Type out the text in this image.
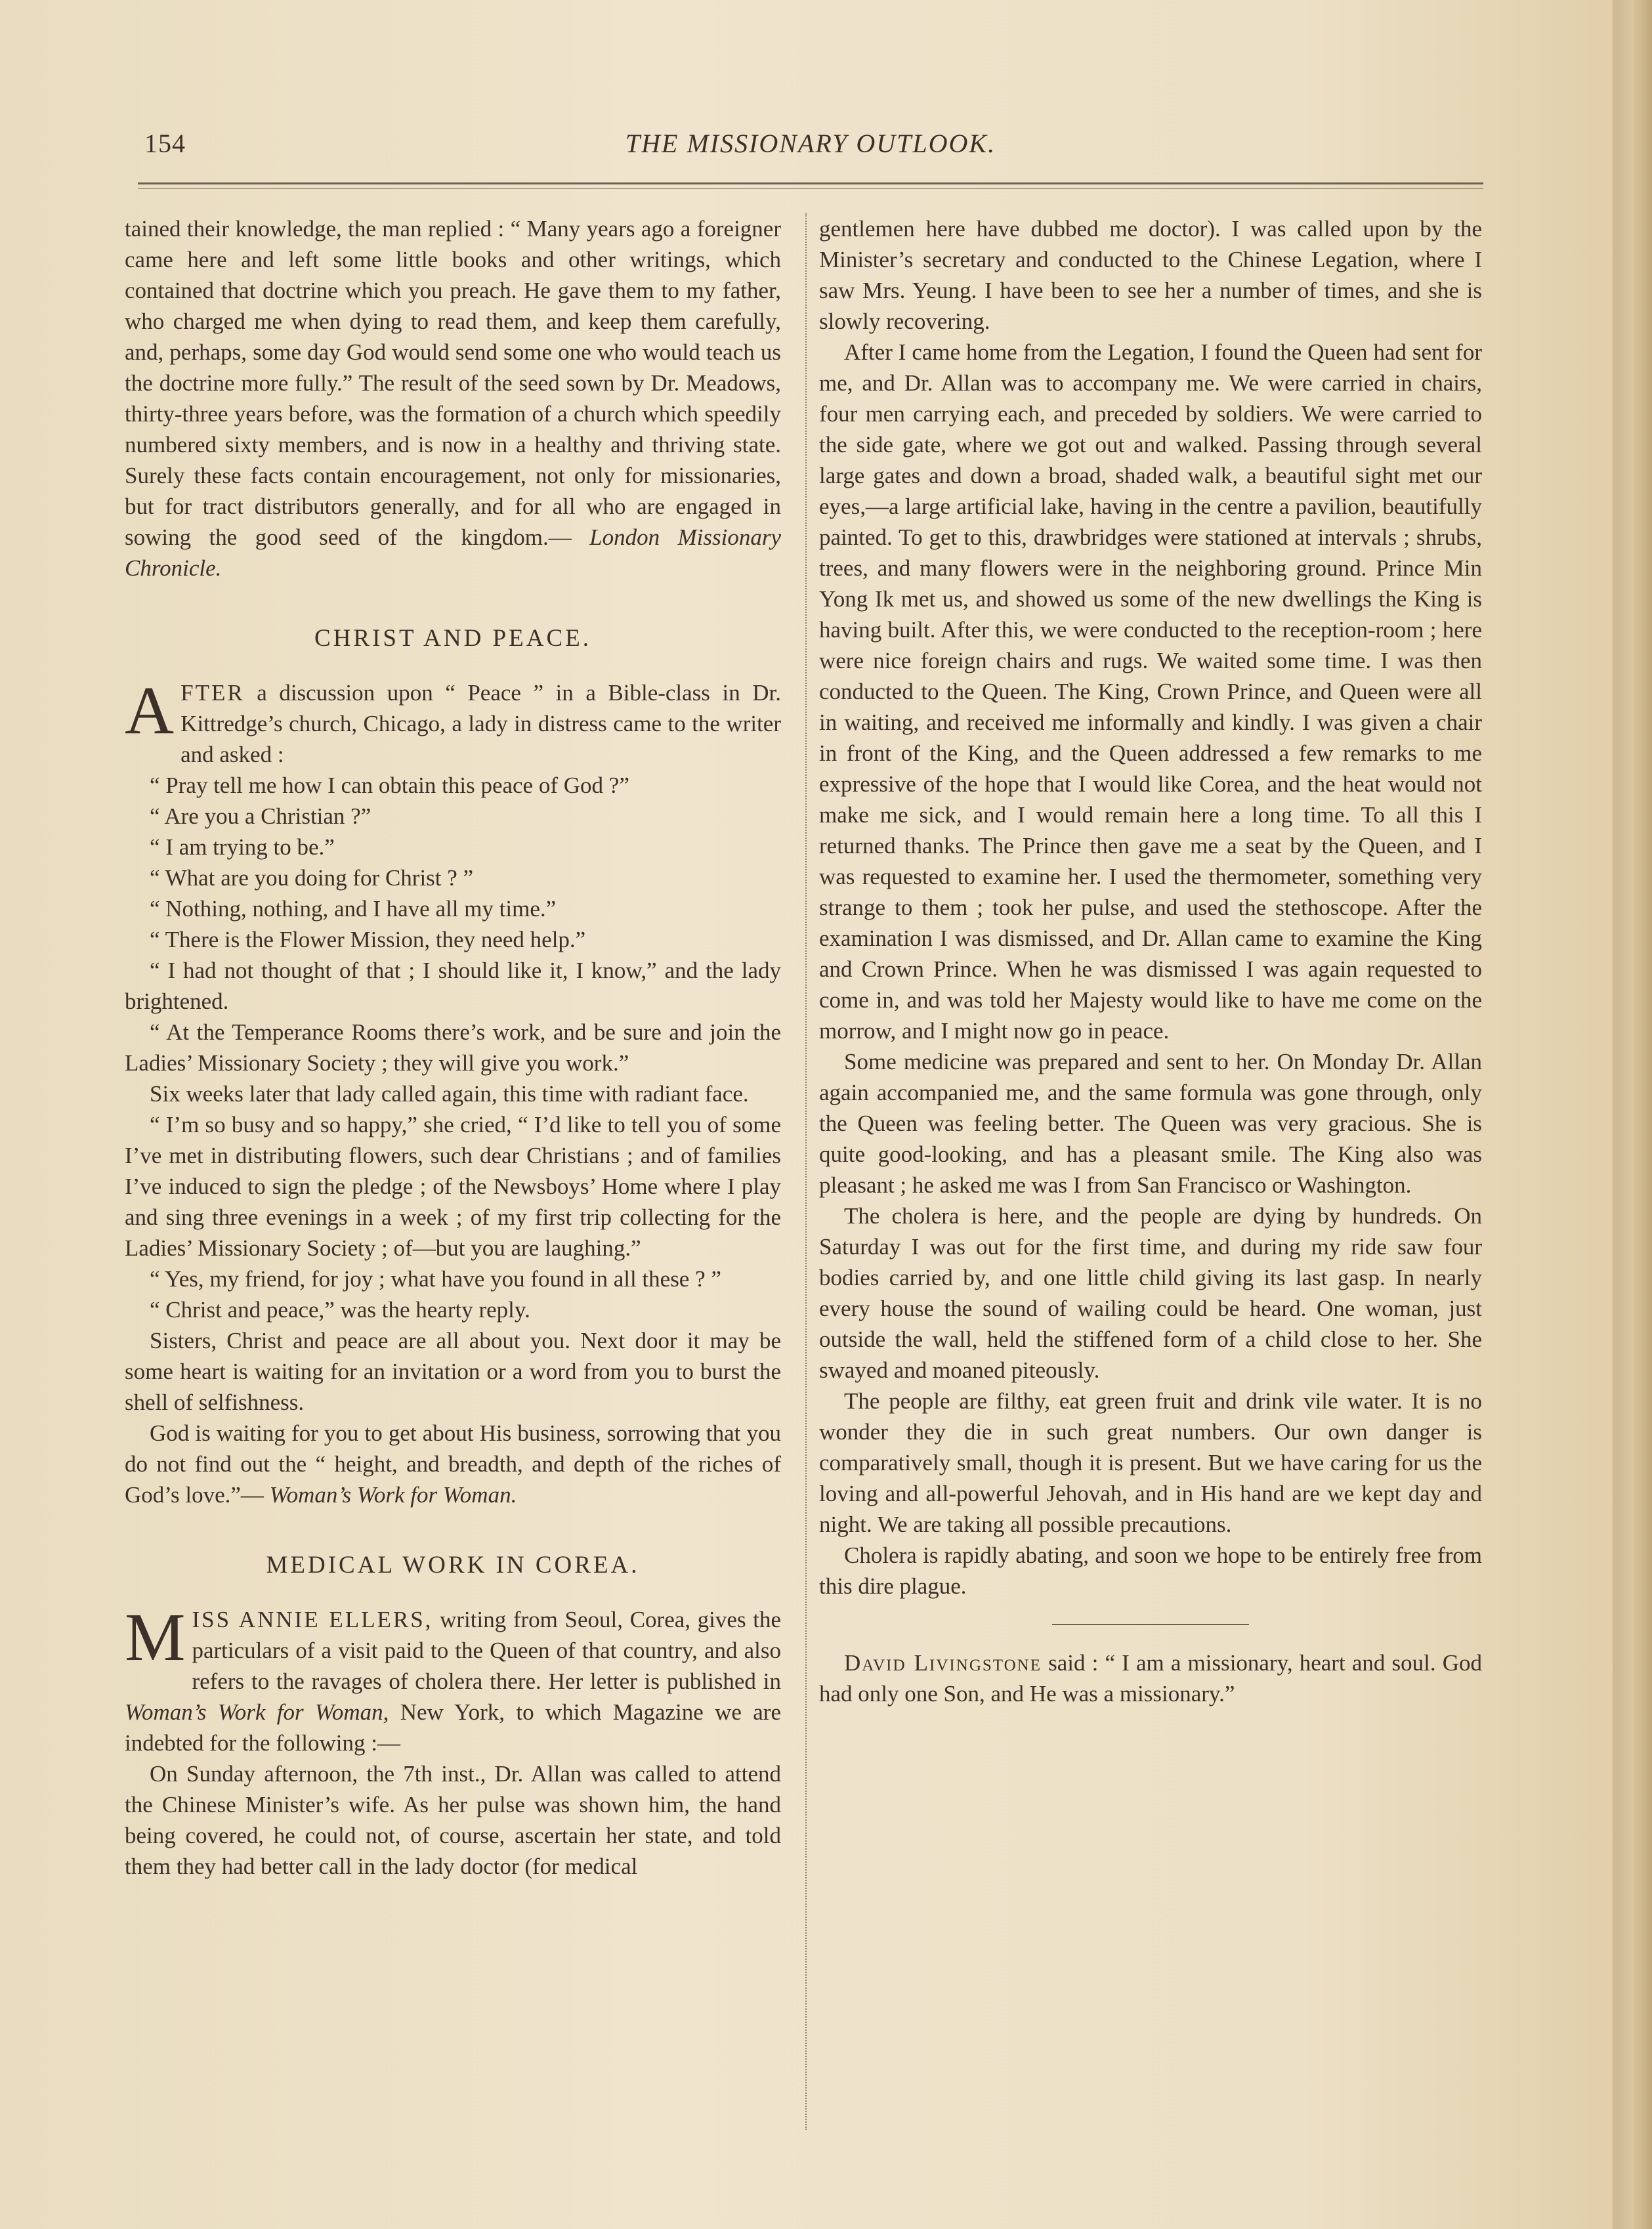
154	THE MISSIONARY OUTLOOK.

tained their knowledge, the man replied : “ Many years ago a foreigner came here and left some little books and other writings, which contained that doctrine which you preach. He gave them to my father, who charged me when dying to read them, and keep them carefully, and, perhaps, some day God would send some one who would teach us the doctrine more fully.” The result of the seed sown by Dr. Meadows, thirty-three years before, was the formation of a church which speedily numbered sixty members, and is now in a healthy and thriving state. Surely these facts contain encouragement, not only for missionaries, but for tract distributors generally, and for all who are engaged in sowing the good seed of the kingdom.— London Missionary Chronicle.

CHRIST AND PEACE.

AFTER a discussion upon “ Peace ” in a Bible-class in Dr. Kittredge’s church, Chicago, a lady in distress came to the writer and asked :

“ Pray tell me how I can obtain this peace of God ?”

“ Are you a Christian ?”

“ I am trying to be.”

“ What are you doing for Christ ? ”

“ Nothing, nothing, and I have all my time.”

“ There is the Flower Mission, they need help.”

“ I had not thought of that ; I should like it, I know,” and the lady brightened.

“ At the Temperance Rooms there’s work, and be sure and join the Ladies’ Missionary Society ; they will give you work.”

Six weeks later that lady called again, this time with radiant face.

“ I’m so busy and so happy,” she cried, “ I’d like to tell you of some I’ve met in distributing flowers, such dear Christians ; and of families I’ve induced to sign the pledge ; of the Newsboys’ Home where I play and sing three evenings in a week ; of my first trip collecting for the Ladies’ Missionary Society ; of—but you are laughing.”

“ Yes, my friend, for joy ; what have you found in all these ? ”

“ Christ and peace,” was the hearty reply.

Sisters, Christ and peace are all about you. Next door it may be some heart is waiting for an invitation or a word from you to burst the shell of selfishness.

God is waiting for you to get about His business, sorrowing that you do not find out the “ height, and breadth, and depth of the riches of God’s love.”— Woman’s Work for Woman.

MEDICAL WORK IN COREA.

MISS ANNIE ELLERS, writing from Seoul, Corea, gives the particulars of a visit paid to the Queen of that country, and also refers to the ravages of cholera there. Her letter is published in Woman’s Work for Woman, New York, to which Magazine we are indebted for the following :—

On Sunday afternoon, the 7th inst., Dr. Allan was called to attend the Chinese Minister’s wife. As her pulse was shown him, the hand being covered, he could not, of course, ascertain her state, and told them they had better call in the lady doctor (for medical

gentlemen here have dubbed me doctor). I was called upon by the Minister’s secretary and conducted to the Chinese Legation, where I saw Mrs. Yeung. I have been to see her a number of times, and she is slowly recovering.

After I came home from the Legation, I found the Queen had sent for me, and Dr. Allan was to accompany me. We were carried in chairs, four men carrying each, and preceded by soldiers. We were carried to the side gate, where we got out and walked. Passing through several large gates and down a broad, shaded walk, a beautiful sight met our eyes,—a large artificial lake, having in the centre a pavilion, beautifully painted. To get to this, drawbridges were stationed at intervals ; shrubs, trees, and many flowers were in the neighboring ground. Prince Min Yong Ik met us, and showed us some of the new dwellings the King is having built. After this, we were conducted to the reception-room ; here were nice foreign chairs and rugs. We waited some time. I was then conducted to the Queen. The King, Crown Prince, and Queen were all in waiting, and received me informally and kindly. I was given a chair in front of the King, and the Queen addressed a few remarks to me expressive of the hope that I would like Corea, and the heat would not make me sick, and I would remain here a long time. To all this I returned thanks. The Prince then gave me a seat by the Queen, and I was requested to examine her. I used the thermometer, something very strange to them ; took her pulse, and used the stethoscope. After the examination I was dismissed, and Dr. Allan came to examine the King and Crown Prince. When he was dismissed I was again requested to come in, and was told her Majesty would like to have me come on the morrow, and I might now go in peace.

Some medicine was prepared and sent to her. On Monday Dr. Allan again accompanied me, and the same formula was gone through, only the Queen was feeling better. The Queen was very gracious. She is quite good-looking, and has a pleasant smile. The King also was pleasant ; he asked me was I from San Francisco or Washington.

The cholera is here, and the people are dying by hundreds. On Saturday I was out for the first time, and during my ride saw four bodies carried by, and one little child giving its last gasp. In nearly every house the sound of wailing could be heard. One woman, just outside the wall, held the stiffened form of a child close to her. She swayed and moaned piteously.

The people are filthy, eat green fruit and drink vile water. It is no wonder they die in such great numbers. Our own danger is comparatively small, though it is present. But we have caring for us the loving and all-powerful Jehovah, and in His hand are we kept day and night. We are taking all possible precautions.

Cholera is rapidly abating, and soon we hope to be entirely free from this dire plague.

David Livingstone said : “ I am a missionary, heart and soul. God had only one Son, and He was a missionary.”
